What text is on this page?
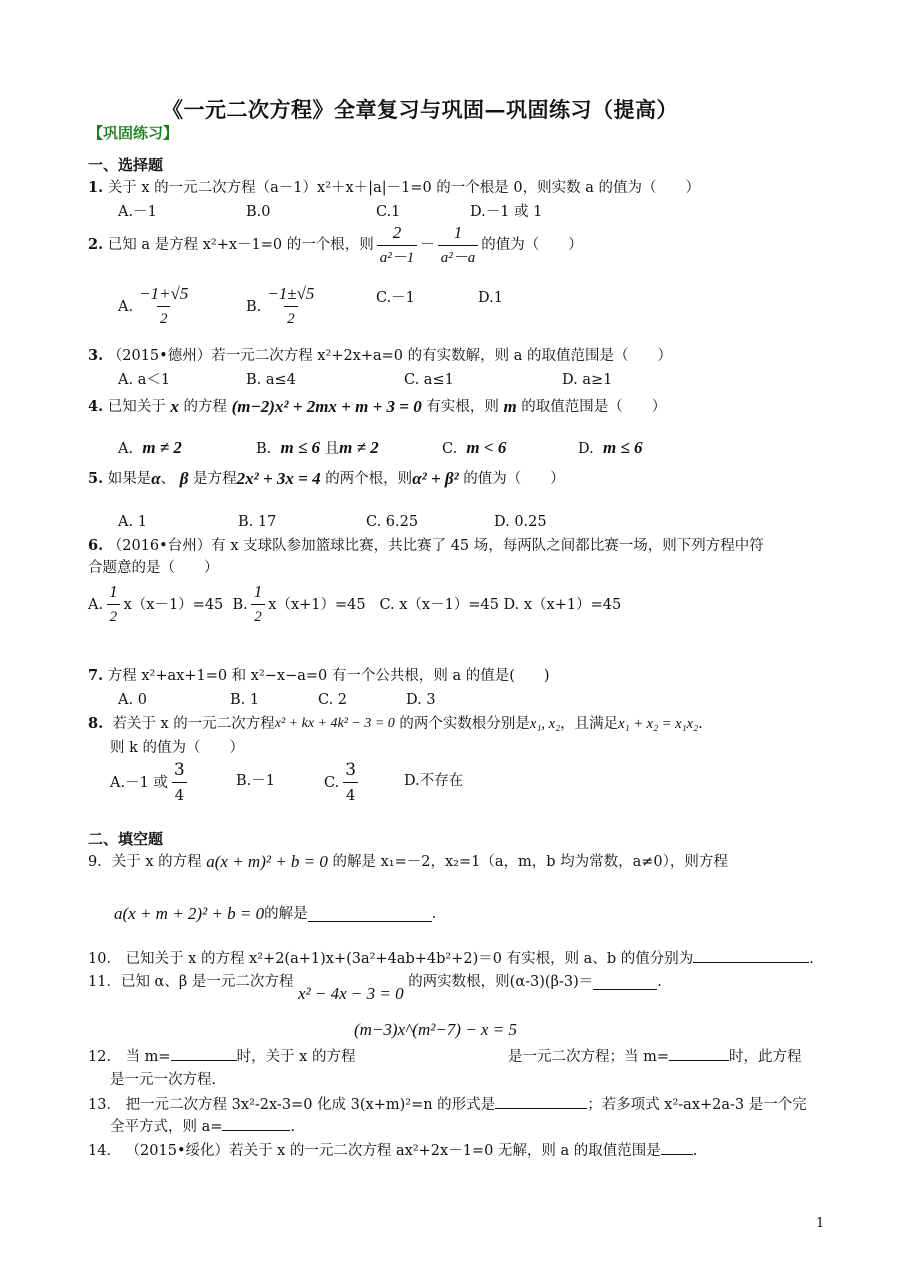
《一元二次方程》全章复习与巩固—巩固练习（提高）
【巩固练习】
一、选择题
1. 关于 x 的一元二次方程（a－1）x²＋x＋|a|－1=0 的一个根是 0，则实数 a 的值为（　　）
A.－1	B.0	C.1	D.－1 或 1
2.
已知 a 是方程 x²+x－1=0 的一个根，则 $\frac{2}{\text{a²－1}} - \frac{1}{\text{a²－a}}$ 的值为（　　）
A. $\frac{-1+√5}{2}$	B. $\frac{-1\pm√5}{2}$	C.－1	D.1
3. （2015•德州）若一元二次方程 x²+2x+a=0 的有实数解，则 a 的取值范围是（　　）
A. a＜1	B. a≤4	C. a≤1	D. a≥1
4.
已知关于
x
的方程
(m−2)x² + 2mx + m + 3 = 0
有实根，则
m
的取值范围是（　　）
A. m ≠ 2	B. m ≤ 6 且m ≠ 2	C. m < 6	D. m ≤ 6
5.
如果是 α 、
β
是方程 2x² + 3x = 4
的两个根，则 α² + β²
的值为（　　）
A. 1	B. 17	C. 6.25	D. 0.25
6. （2016•台州）有 x 支球队参加篮球比赛，共比赛了 45 场，每两队之间都比赛一场，则下列方程中符
合题意的是（　　）
A. $\frac{1}{2} x(x-1)=45$
B. $\frac{1}{2} x(x+1)=45$
C. x（x－1）=45 D. x（x+1）=45
7. 方程 x²+ax+1=0 和 x²−x−a=0 有一个公共根，则 a 的值是(　　)
A. 0	B. 1	C. 2	D. 3
8.
若关于 x 的一元二次方程 x² + kx + 4k² − 3 = 0
的两个实数根分别是 x₁, x₂ ，且满足 x₁ + x₂ = x₁x₂ .
则 k 的值为（　　）
A.－1 或 $\frac{3}{4}$	B.－1	C. $\frac{3}{4}$	D.不存在
二、填空题
9． 关于 x 的方程
a(x + m)² + b = 0
的解是 x₁=－2，x₂=1（a，m，b 均为常数，a≠0），则方程
a(x + m + 2)² + b = 0 的解是	.
10． 已知关于 x 的方程 x²+2(a+1)x+(3a²+4ab+4b²+2)＝0 有实根，则 a、b 的值分别为	.
11． 已知 α、β 是一元二次方程

x² − 4x − 3 = 0

的两实数根，则(α-3)(β-3)＝	.
(m−3)x^(m²−7) − x = 5
12． 当 m=	时，关于 x 的方程	是一元二次方程；当 m=	时，此方程
是一元一次方程.
13． 把一元二次方程 3x²-2x-3=0 化成 3(x+m)²=n 的形式是	；若多项式 x²-ax+2a-3 是一个完
全平方式，则 a=	.
14． （2015•绥化）若关于 x 的一元二次方程 ax²+2x－1=0 无解，则 a 的取值范围是 .
1
